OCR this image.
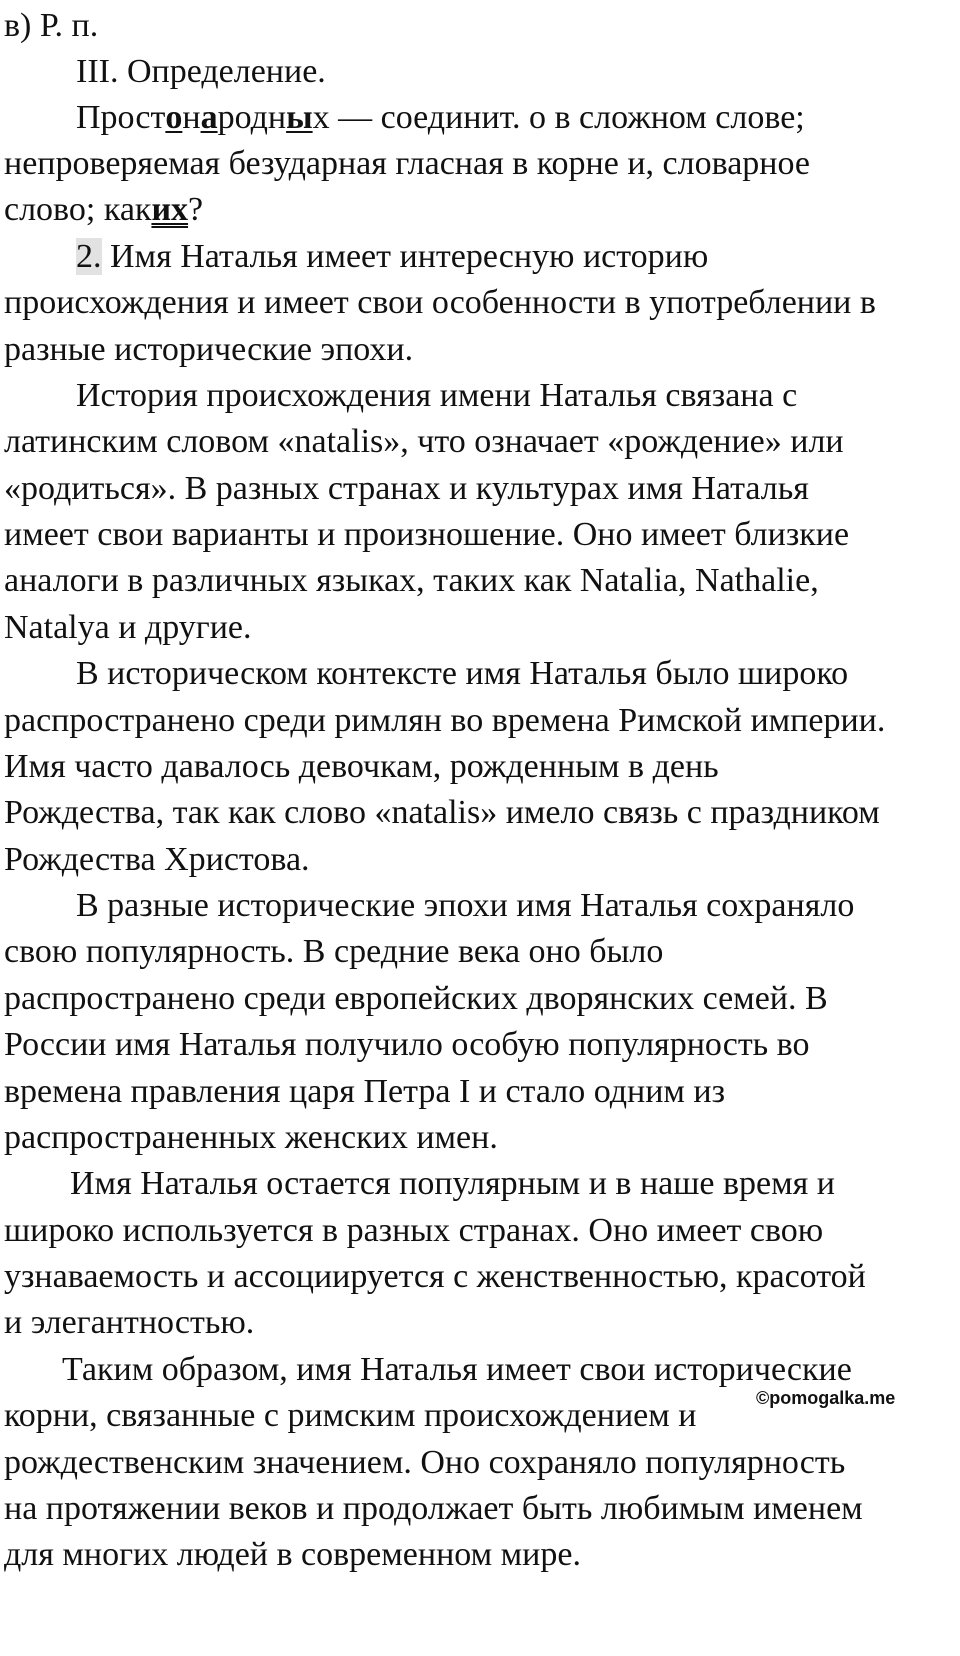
в) Р. п.
III. Определение.
Простонародных — соединит. о в сложном слове;
непроверяемая безударная гласная в корне и, словарное
слово; каких?
2. Имя Наталья имеет интересную историю
происхождения и имеет свои особенности в употреблении в
разные исторические эпохи.
История происхождения имени Наталья связана с
латинским словом «natalis», что означает «рождение» или
«родиться». В разных странах и культурах имя Наталья
имеет свои варианты и произношение. Оно имеет близкие
аналоги в различных языках, таких как Natalia, Nathalie,
Natalya и другие.
В историческом контексте имя Наталья было широко
распространено среди римлян во времена Римской империи.
Имя часто давалось девочкам, рожденным в день
Рождества, так как слово «natalis» имело связь с праздником
Рождества Христова.
В разные исторические эпохи имя Наталья сохраняло
свою популярность. В средние века оно было
распространено среди европейских дворянских семей. В
России имя Наталья получило особую популярность во
времена правления царя Петра I и стало одним из
распространенных женских имен.
Имя Наталья остается популярным и в наше время и
широко используется в разных странах. Оно имеет свою
узнаваемость и ассоциируется с женственностью, красотой
и элегантностью.
©pomogalka.me
Таким образом, имя Наталья имеет свои исторические
корни, связанные с римским происхождением и
рождественским значением. Оно сохраняло популярность
на протяжении веков и продолжает быть любимым именем
для многих людей в современном мире.
